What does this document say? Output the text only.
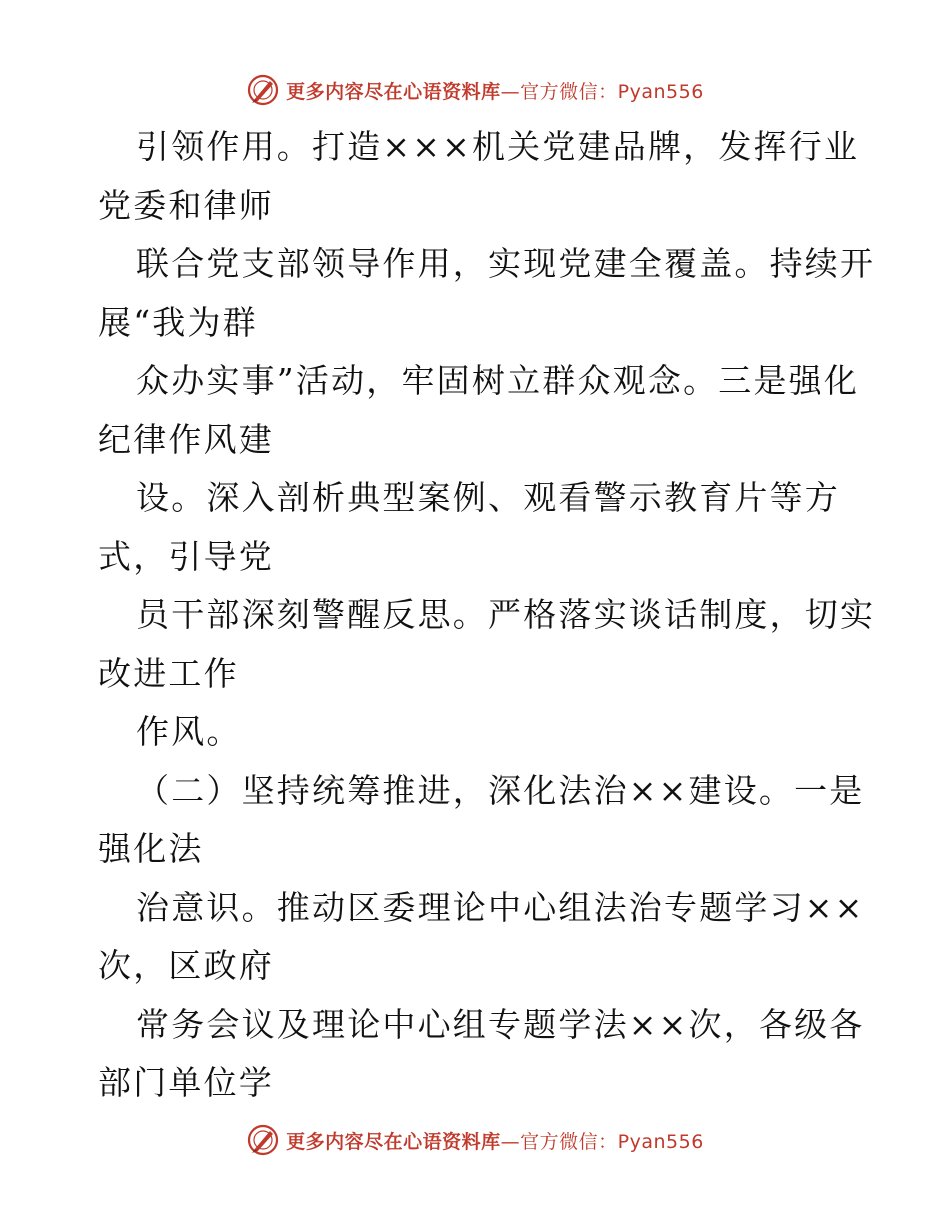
更多内容尽在心语资料库—官方微信：Pyan556
引领作用。打造×××机关党建品牌，发挥行业
党委和律师
联合党支部领导作用，实现党建全覆盖。持续开
展“我为群
众办实事”活动，牢固树立群众观念。三是强化
纪律作风建
设。深入剖析典型案例、观看警示教育片等方
式，引导党
员干部深刻警醒反思。严格落实谈话制度，切实
改进工作
作风。
（二）坚持统筹推进，深化法治××建设。一是
强化法
治意识。推动区委理论中心组法治专题学习××
次，区政府
常务会议及理论中心组专题学法××次，各级各
部门单位学
更多内容尽在心语资料库—官方微信：Pyan556
